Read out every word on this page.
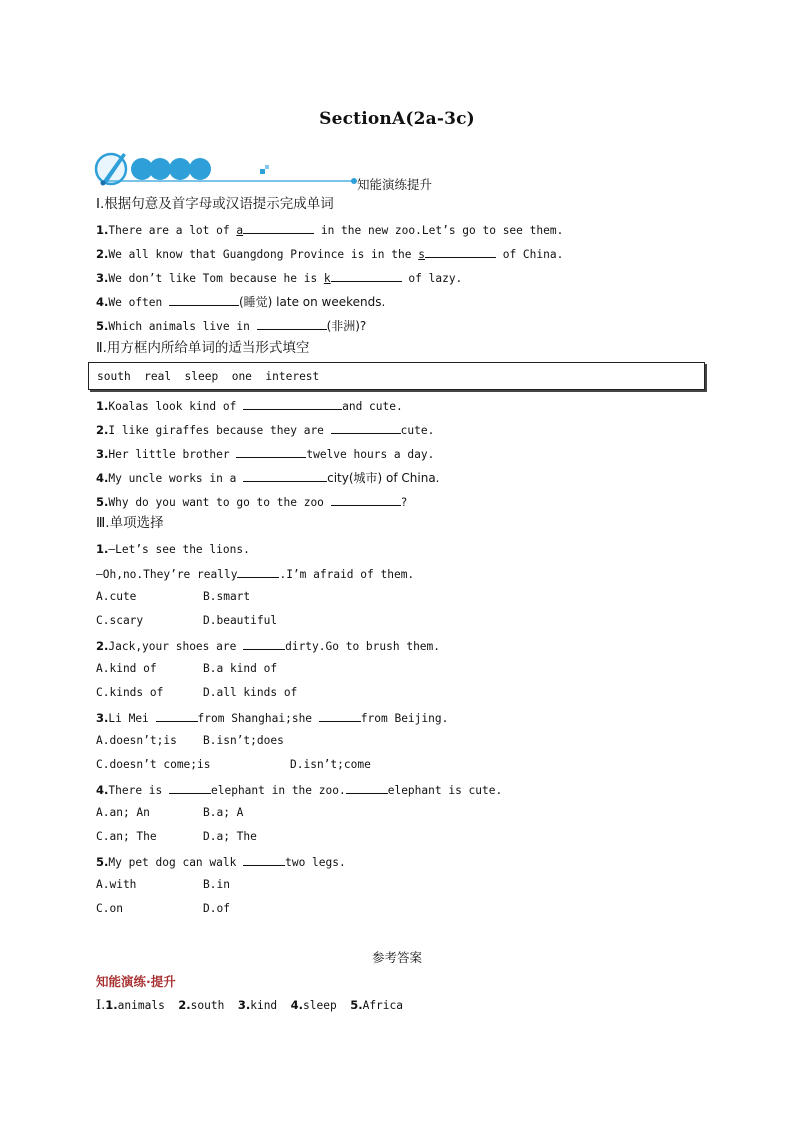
SectionA(2a-3c)
知能演练提升
Ⅰ.根据句意及首字母或汉语提示完成单词
1.There are a lot of a	in the new zoo.Let’s go to see them.
2.We all know that Guangdong Province is in the s	of China.
3.We don’t like Tom because he is k	of lazy.
4.We often	(睡觉) late on weekends.
5.Which animals live in	(非洲)?
Ⅱ.用方框内所给单词的适当形式填空
south  real  sleep  one  interest
1.Koalas look kind of	and cute.
2.I like giraffes because they are	cute.
3.Her little brother	twelve hours a day.
4.My uncle works in a	city(城市) of China.
5.Why do you want to go to the zoo	?
Ⅲ.单项选择
1.—Let’s see the lions.
—Oh,no.They’re really	.I’m afraid of them.
A.cute	B.smart
C.scary	D.beautiful
2.Jack,your shoes are	dirty.Go to brush them.
A.kind of	B.a kind of
C.kinds of	D.all kinds of
3.Li Mei	from Shanghai;she	from Beijing.
A.doesn’t;is B.isn’t;does
C.doesn’t come;is	D.isn’t;come
4.There is	elephant in the zoo.	elephant is cute.
A.an; An	B.a; A
C.an; The	D.a; The
5.My pet dog can walk	two legs.
A.with	B.in
C.on	D.of
参考答案
知能演练·提升
Ⅰ.1.animals 2.south 3.kind 4.sleep 5.Africa
